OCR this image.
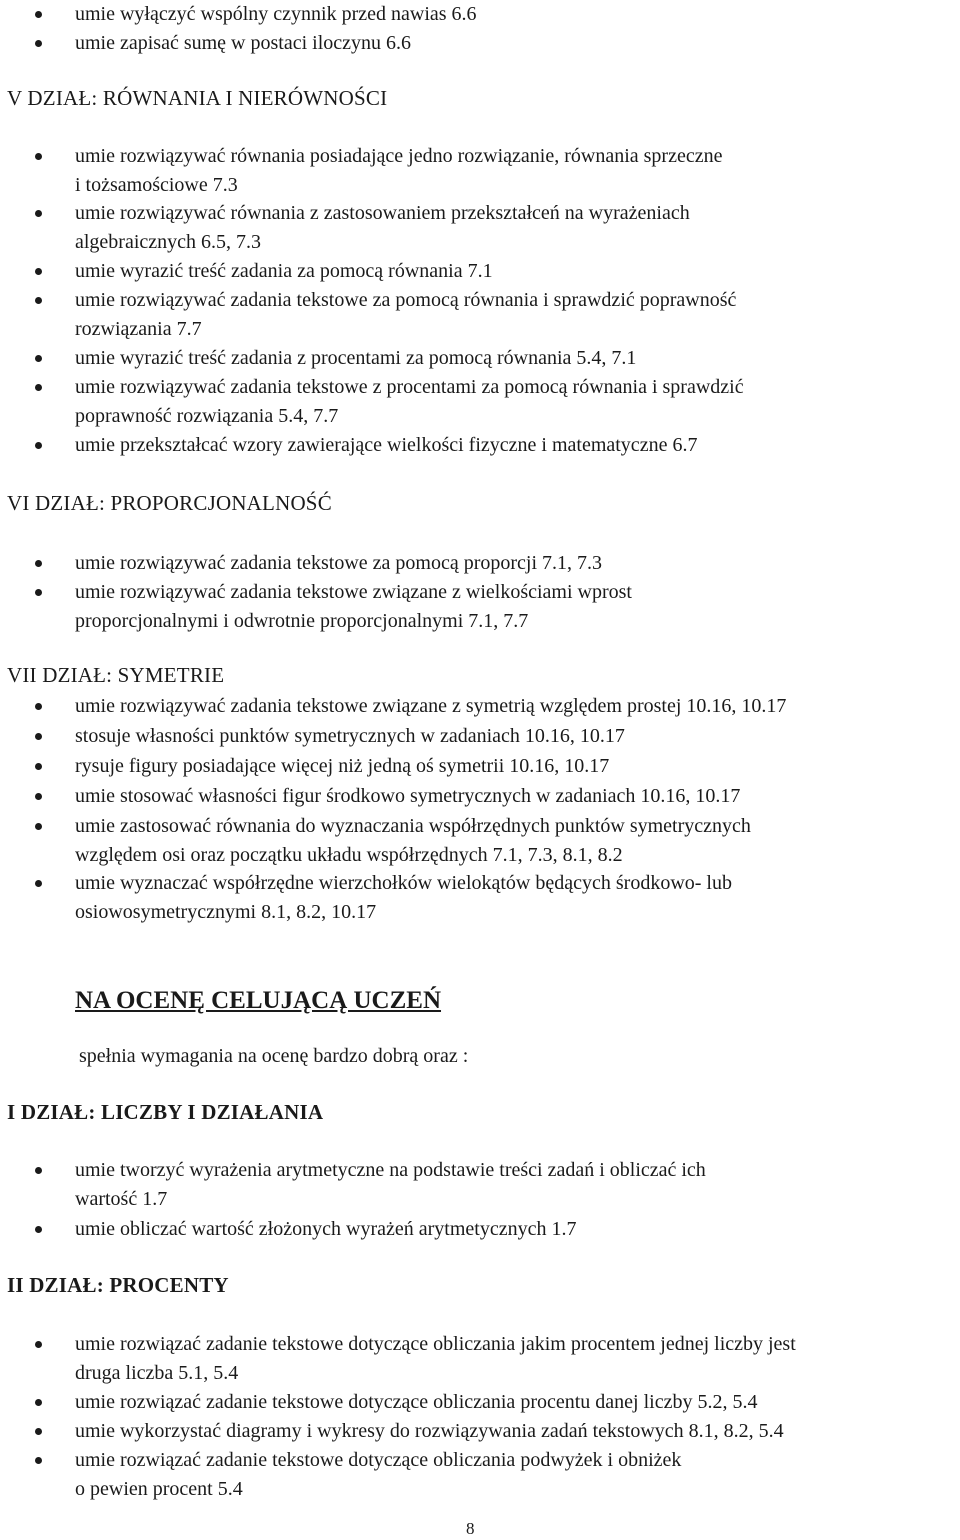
umie wyłączyć wspólny czynnik przed nawias 6.6
umie zapisać sumę w postaci iloczynu 6.6
V DZIAŁ: RÓWNANIA I NIERÓWNOŚCI
umie rozwiązywać równania posiadające jedno rozwiązanie, równania sprzeczne
i tożsamościowe 7.3
umie rozwiązywać równania z zastosowaniem przekształceń na wyrażeniach
algebraicznych 6.5, 7.3
umie wyrazić treść zadania za pomocą równania 7.1
umie rozwiązywać zadania tekstowe za pomocą równania i sprawdzić poprawność
rozwiązania 7.7
umie wyrazić treść zadania z procentami za pomocą równania 5.4, 7.1
umie rozwiązywać zadania tekstowe z procentami za pomocą równania i sprawdzić
poprawność rozwiązania 5.4, 7.7
umie przekształcać wzory zawierające wielkości fizyczne i matematyczne 6.7
VI DZIAŁ: PROPORCJONALNOŚĆ
umie rozwiązywać zadania tekstowe za pomocą proporcji 7.1, 7.3
umie rozwiązywać zadania tekstowe związane z wielkościami wprost
proporcjonalnymi i odwrotnie proporcjonalnymi 7.1, 7.7
VII DZIAŁ: SYMETRIE
umie rozwiązywać zadania tekstowe związane z symetrią względem prostej 10.16, 10.17
stosuje własności punktów symetrycznych w zadaniach 10.16, 10.17
rysuje figury posiadające więcej niż jedną oś symetrii 10.16, 10.17
umie stosować własności figur środkowo symetrycznych w zadaniach 10.16, 10.17
umie zastosować równania do wyznaczania współrzędnych punktów symetrycznych
względem osi oraz początku układu współrzędnych 7.1, 7.3, 8.1, 8.2
umie wyznaczać współrzędne wierzchołków wielokątów będących środkowo- lub
osiowosymetrycznymi 8.1, 8.2, 10.17
NA OCENĘ CELUJĄCĄ UCZEŃ
spełnia wymagania na ocenę bardzo dobrą oraz :
I DZIAŁ: LICZBY I DZIAŁANIA
umie tworzyć wyrażenia arytmetyczne na podstawie treści zadań i obliczać ich
wartość 1.7
umie obliczać wartość złożonych wyrażeń arytmetycznych 1.7
II DZIAŁ: PROCENTY
umie rozwiązać zadanie tekstowe dotyczące obliczania jakim procentem jednej liczby jest
druga liczba 5.1, 5.4
umie rozwiązać zadanie tekstowe dotyczące obliczania procentu danej liczby 5.2, 5.4
umie wykorzystać diagramy i wykresy do rozwiązywania zadań tekstowych 8.1, 8.2, 5.4
umie rozwiązać zadanie tekstowe dotyczące obliczania podwyżek i obniżek
o pewien procent 5.4
8
